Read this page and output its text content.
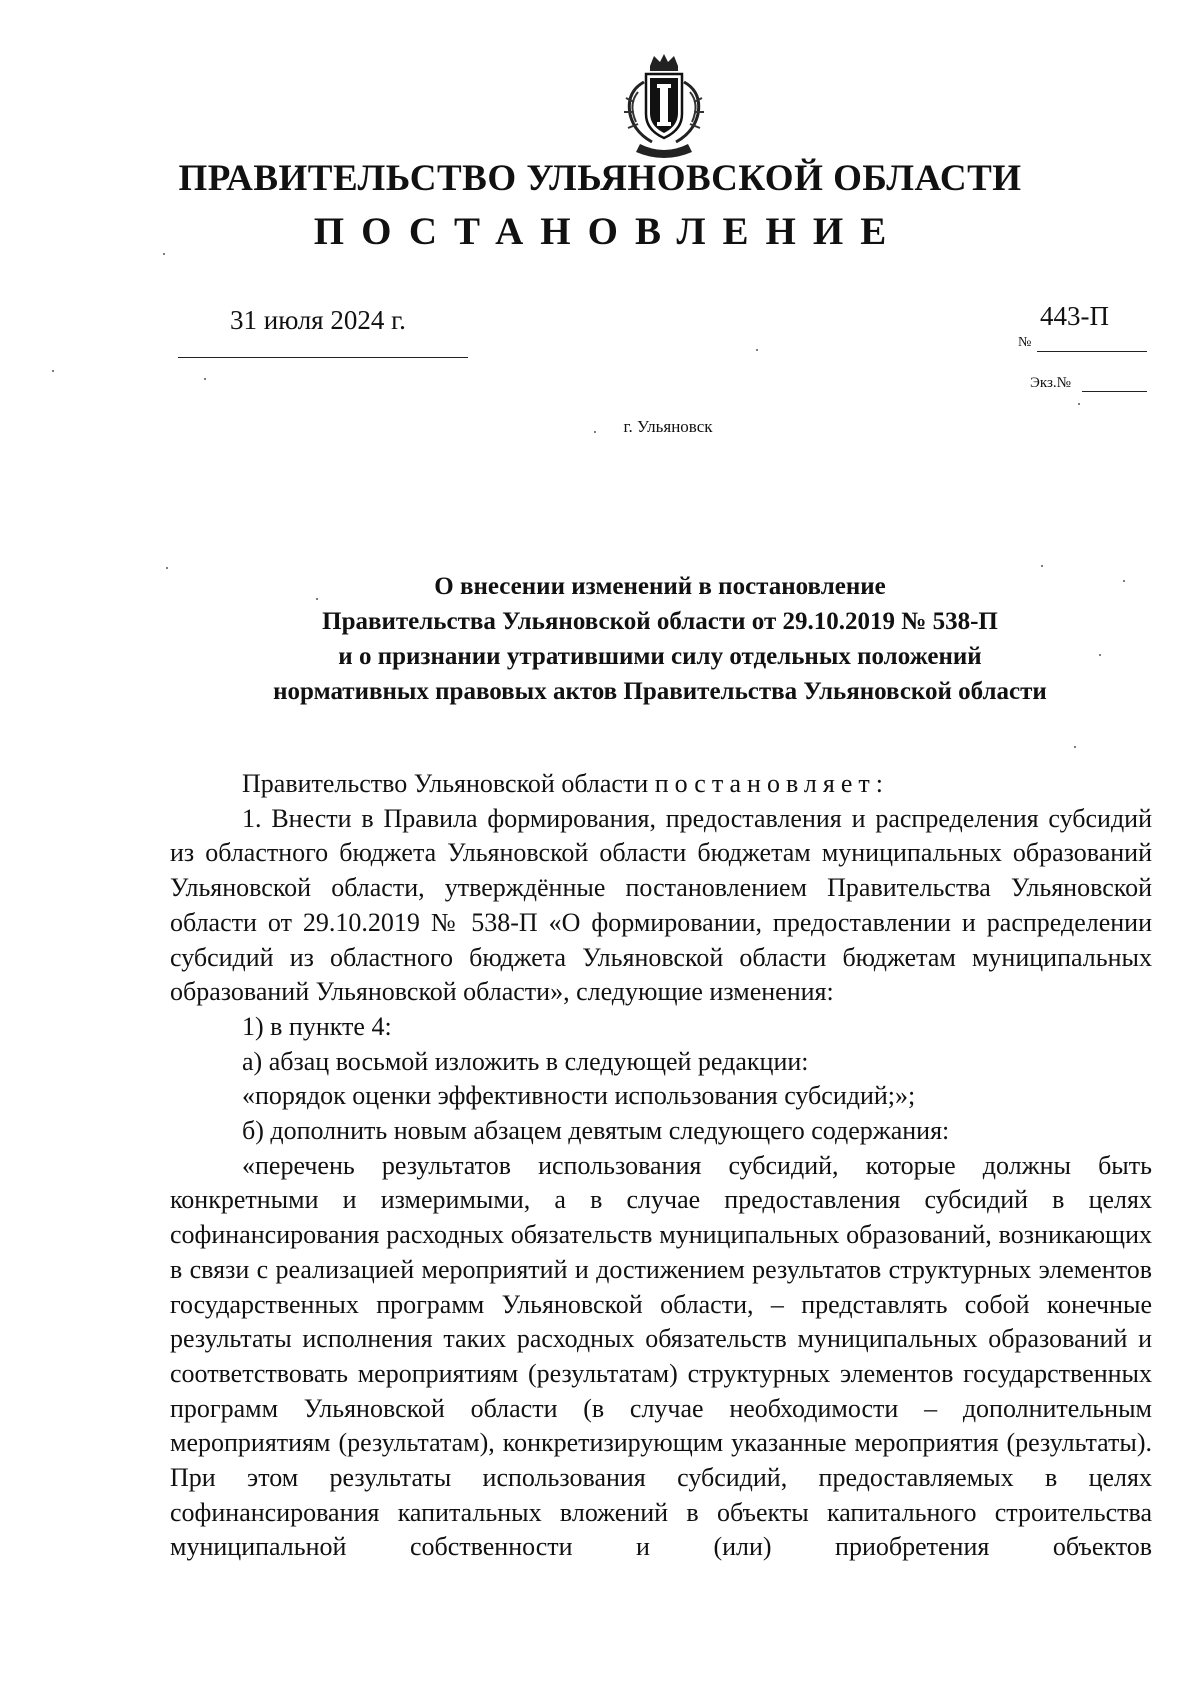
ПРАВИТЕЛЬСТВО УЛЬЯНОВСКОЙ ОБЛАСТИ
ПОСТАНОВЛЕНИЕ
31 июля 2024 г.	443-П
№
Экз.№
г. Ульяновск
О внесении изменений в постановление
Правительства Ульяновской области от 29.10.2019 № 538-П
и о признании утратившими силу отдельных положений
нормативных правовых актов Правительства Ульяновской области

Правительство Ульяновской области постановляет:

1. Внести в Правила формирования, предоставления и распределения субсидий из областного бюджета Ульяновской области бюджетам муниципальных образований Ульяновской области, утверждённые постановлением Правительства Ульяновской области от 29.10.2019 № 538-П «О формировании, предоставлении и распределении субсидий из областного бюджета Ульяновской области бюджетам муниципальных образований Ульяновской области», следующие изменения:

1) в пункте 4:

а) абзац восьмой изложить в следующей редакции:

«порядок оценки эффективности использования субсидий;»;

б) дополнить новым абзацем девятым следующего содержания:

«перечень результатов использования субсидий, которые должны быть конкретными и измеримыми, а в случае предоставления субсидий в целях софинансирования расходных обязательств муниципальных образований, возникающих в связи с реализацией мероприятий и достижением результатов структурных элементов государственных программ Ульяновской области, – представлять собой конечные результаты исполнения таких расходных обязательств муниципальных образований и соответствовать мероприятиям (результатам) структурных элементов государственных программ Ульяновской области (в случае необходимости – дополнительным мероприятиям (результатам), конкретизирующим указанные мероприятия (результаты). При этом результаты использования субсидий, предоставляемых в целях софинансирования капитальных вложений в объекты капитального строительства муниципальной собственности и (или) приобретения объектов
